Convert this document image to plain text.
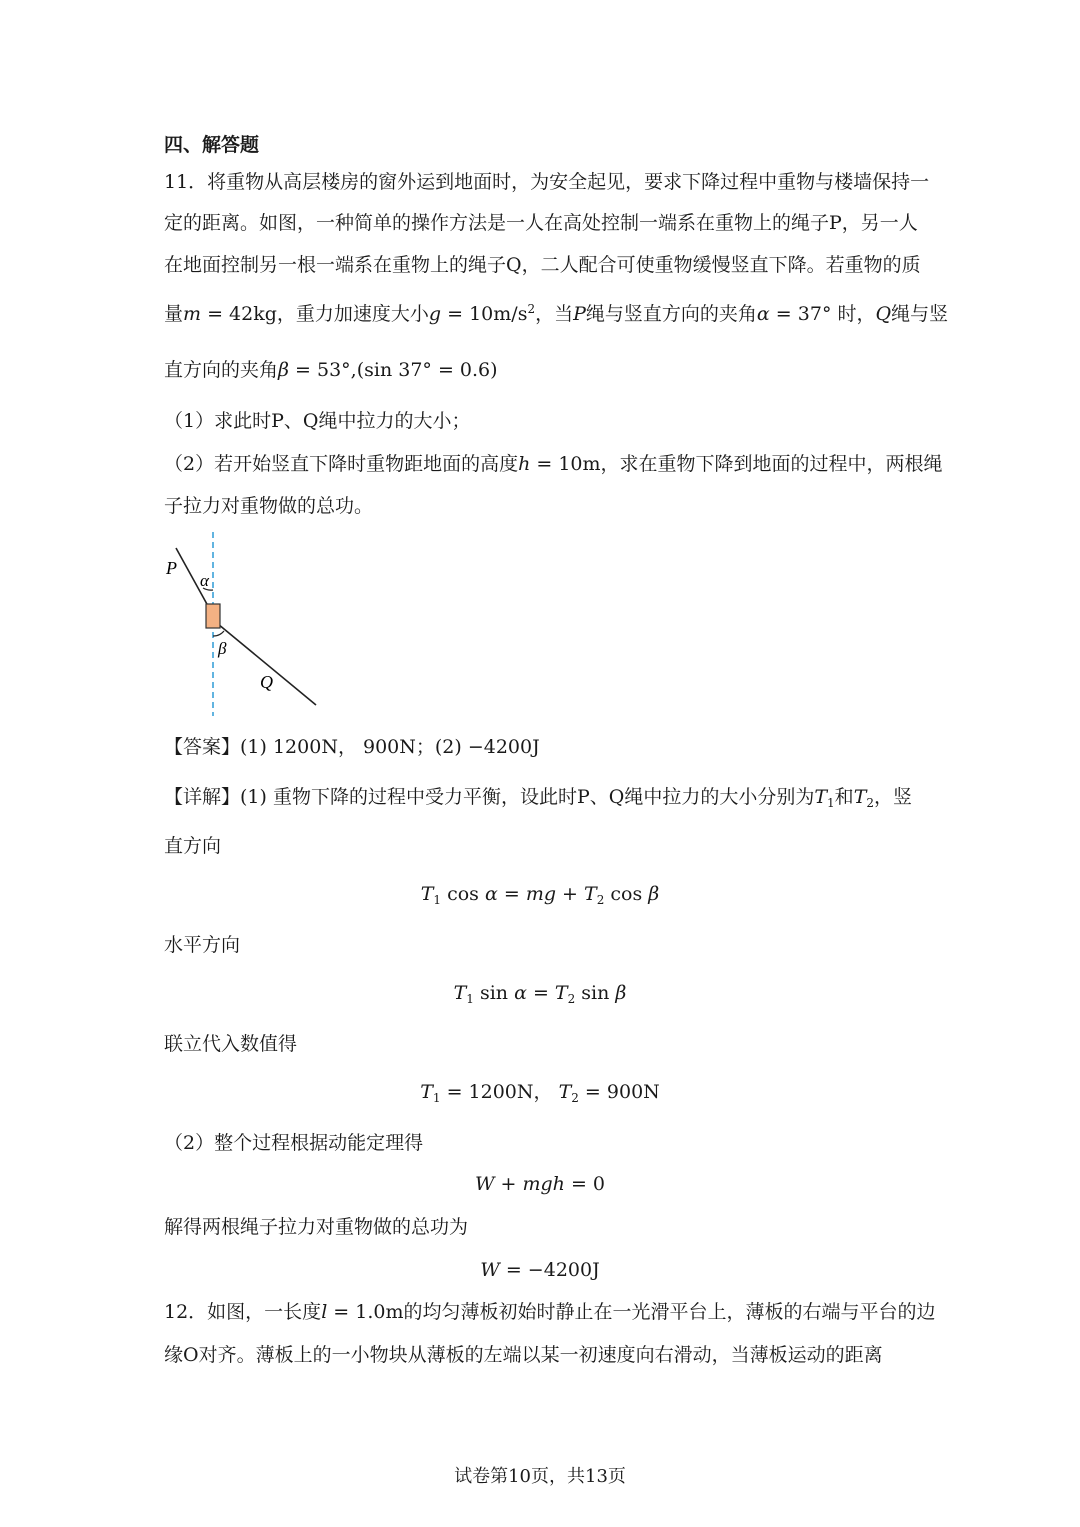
四、解答题
11．将重物从高层楼房的窗外运到地面时，为安全起见，要求下降过程中重物与楼墙保持一
定的距离。如图，一种简单的操作方法是一人在高处控制一端系在重物上的绳子P，另一人
在地面控制另一根一端系在重物上的绳子Q，二人配合可使重物缓慢竖直下降。若重物的质
量m = 42kg，重力加速度大小$g = 10m/s^2$，当P绳与竖直方向的夹角α = 37° 时，Q绳与竖
直方向的夹角β = 53°,(sin 37° = 0.6)
（1）求此时P、Q绳中拉力的大小；
（2）若开始竖直下降时重物距地面的高度h = 10m，求在重物下降到地面的过程中，两根绳
子拉力对重物做的总功。
P
α
β
Q
【答案】(1) 1200N， 900N；(2) −4200J
【详解】(1) 重物下降的过程中受力平衡，设此时P、Q绳中拉力的大小分别为$T_1$和$T_2$，竖
直方向
$T_1$ cos α = mg + $T_2$ cos β
水平方向
$T_1$ $\sin \alpha = T_2$ sin β
联立代入数值得
$T_1 = 1200N$， $T_2 = 900N$
（2）整个过程根据动能定理得
W + mgh = 0
解得两根绳子拉力对重物做的总功为
W = −4200J
12．如图，一长度l = 1.0m的均匀薄板初始时静止在一光滑平台上，薄板的右端与平台的边
缘O对齐。薄板上的一小物块从薄板的左端以某一初速度向右滑动，当薄板运动的距离
试卷第10页，共13页
